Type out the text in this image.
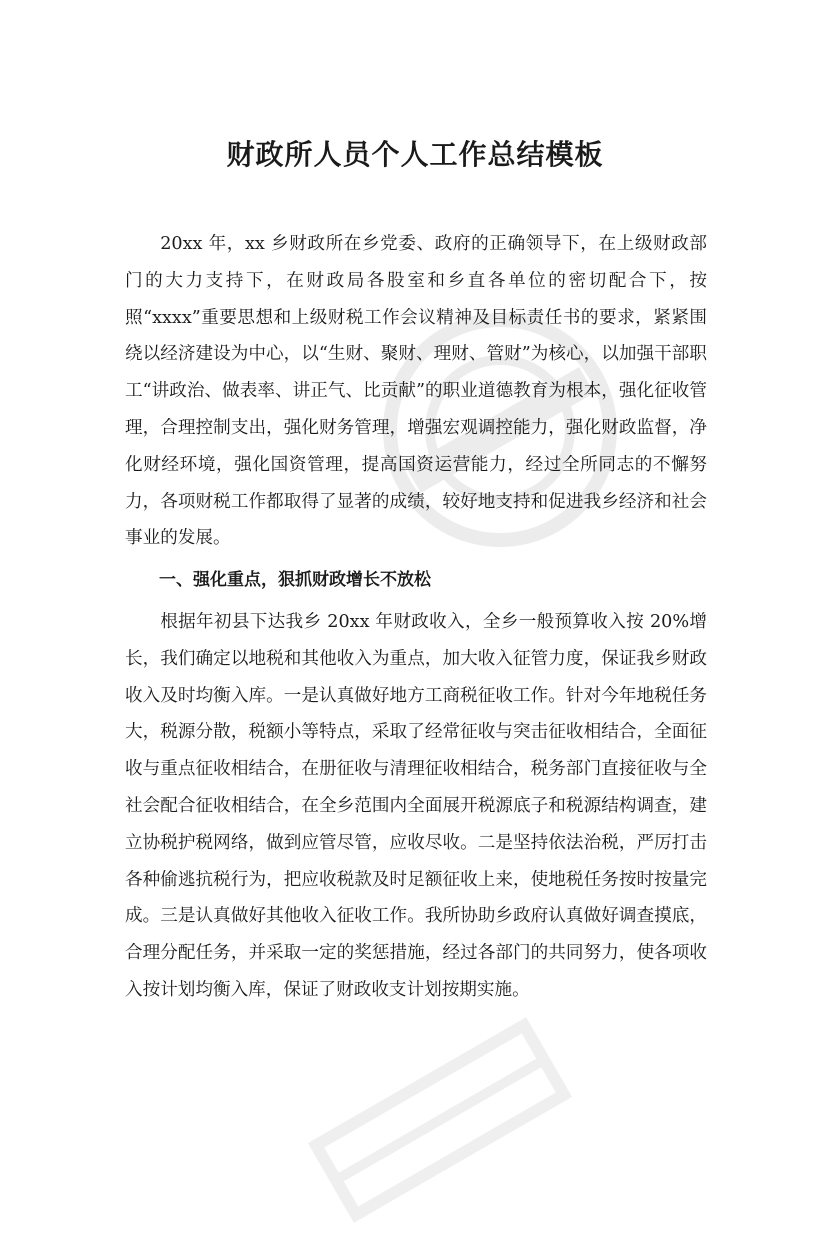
财政所人员个人工作总结模板

20xx 年，xx 乡财政所在乡党委、政府的正确领导下，在上级财政部门的大力支持下，在财政局各股室和乡直各单位的密切配合下，按照“xxxx”重要思想和上级财税工作会议精神及目标责任书的要求，紧紧围绕以经济建设为中心，以“生财、聚财、理财、管财”为核心，以加强干部职工“讲政治、做表率、讲正气、比贡献”的职业道德教育为根本，强化征收管理，合理控制支出，强化财务管理，增强宏观调控能力，强化财政监督，净化财经环境，强化国资管理，提高国资运营能力，经过全所同志的不懈努力，各项财税工作都取得了显著的成绩，较好地支持和促进我乡经济和社会事业的发展。

一、强化重点，狠抓财政增长不放松

根据年初县下达我乡 20xx 年财政收入，全乡一般预算收入按 20%增长，我们确定以地税和其他收入为重点，加大收入征管力度，保证我乡财政收入及时均衡入库。一是认真做好地方工商税征收工作。针对今年地税任务大，税源分散，税额小等特点，采取了经常征收与突击征收相结合，全面征收与重点征收相结合，在册征收与清理征收相结合，税务部门直接征收与全社会配合征收相结合，在全乡范围内全面展开税源底子和税源结构调查，建立协税护税网络，做到应管尽管，应收尽收。二是坚持依法治税，严厉打击各种偷逃抗税行为，把应收税款及时足额征收上来，使地税任务按时按量完成。三是认真做好其他收入征收工作。我所协助乡政府认真做好调查摸底，合理分配任务，并采取一定的奖惩措施，经过各部门的共同努力，使各项收入按计划均衡入库，保证了财政收支计划按期实施。
